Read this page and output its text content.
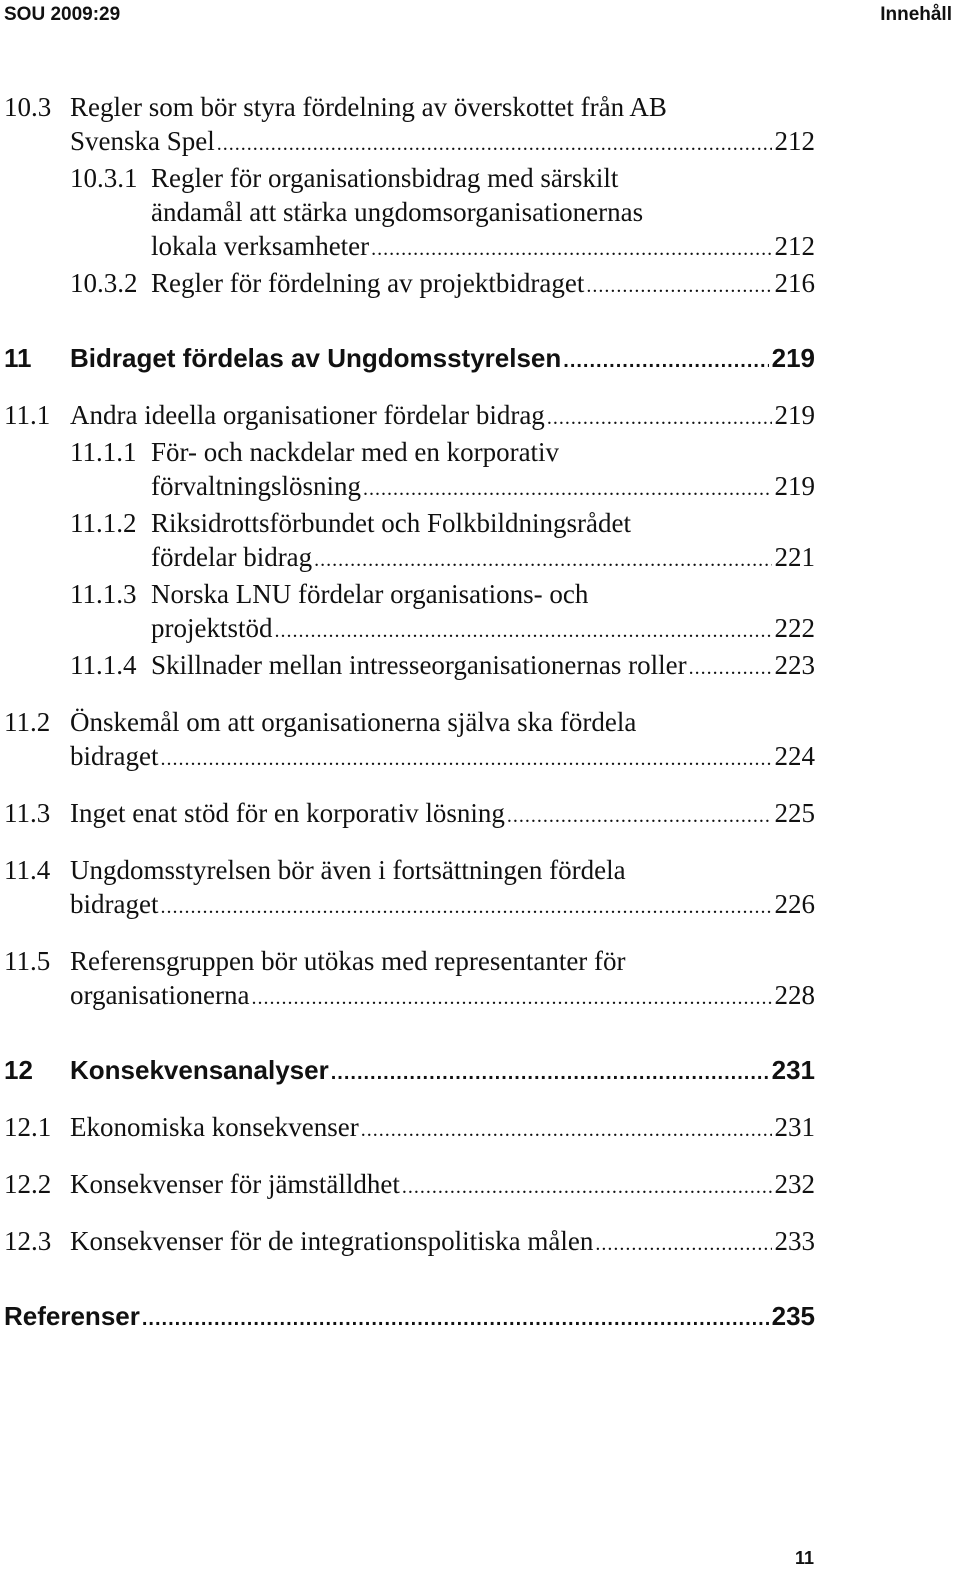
SOU 2009:29	Innehåll
10.3 Regler som bör styra fördelning av överskottet från AB
Svenska Spel .....	212
10.3.1 Regler för organisationsbidrag med särskilt
ändamål att stärka ungdomsorganisationernas
lokala verksamheter .....	212
10.3.2 Regler för fördelning av projektbidraget .....	216
11 Bidraget fördelas av Ungdomsstyrelsen .....	219
11.1 Andra ideella organisationer fördelar bidrag .....	219
11.1.1 För- och nackdelar med en korporativ
förvaltningslösning .....	219
11.1.2 Riksidrottsförbundet och Folkbildningsrådet
fördelar bidrag .....	221
11.1.3 Norska LNU fördelar organisations- och
projektstöd .....	222
11.1.4 Skillnader mellan intresseorganisationernas roller .....	223
11.2 Önskemål om att organisationerna själva ska fördela
bidraget .....	224
11.3 Inget enat stöd för en korporativ lösning .....	225
11.4 Ungdomsstyrelsen bör även i fortsättningen fördela
bidraget .....	226
11.5 Referensgruppen bör utökas med representanter för
organisationerna .....	228
12 Konsekvensanalyser .....	231
12.1 Ekonomiska konsekvenser .....	231
12.2 Konsekvenser för jämställdhet .....	232
12.3 Konsekvenser för de integrationspolitiska målen .....	233
Referenser .....	235
11
